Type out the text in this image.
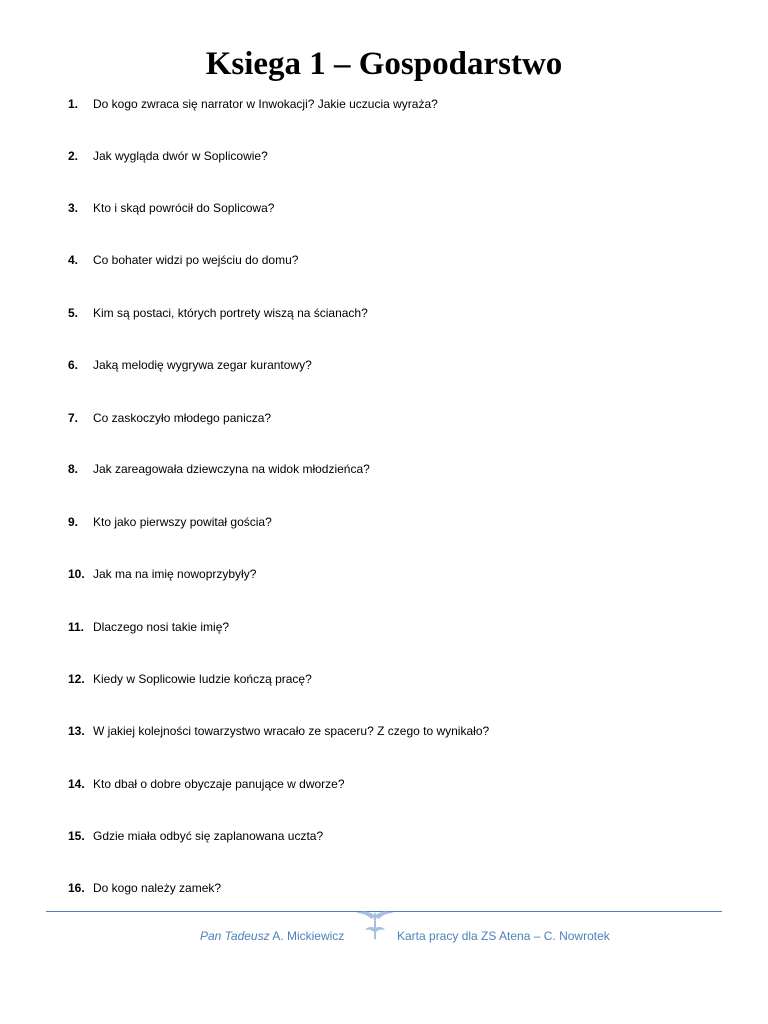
Ksiega 1 – Gospodarstwo
1. Do kogo zwraca się narrator w Inwokacji? Jakie uczucia wyraża?
2. Jak wygląda dwór w Soplicowie?
3. Kto i skąd powrócił do Soplicowa?
4. Co bohater widzi po wejściu do domu?
5. Kim są postaci, których portrety wiszą na ścianach?
6. Jaką melodię wygrywa zegar kurantowy?
7. Co zaskoczyło młodego panicza?
8. Jak zareagowała dziewczyna na widok młodzieńca?
9. Kto jako pierwszy powitał gościa?
10. Jak ma na imię nowoprzybyły?
11. Dlaczego nosi takie imię?
12. Kiedy w Soplicowie ludzie kończą pracę?
13. W jakiej kolejności towarzystwo wracało ze spaceru? Z czego to wynikało?
14. Kto dbał o dobre obyczaje panujące w dworze?
15. Gdzie miała odbyć się zaplanowana uczta?
16. Do kogo należy zamek?
Pan Tadeusz A. Mickiewicz	Karta pracy dla ZS Atena – C. Nowrotek
